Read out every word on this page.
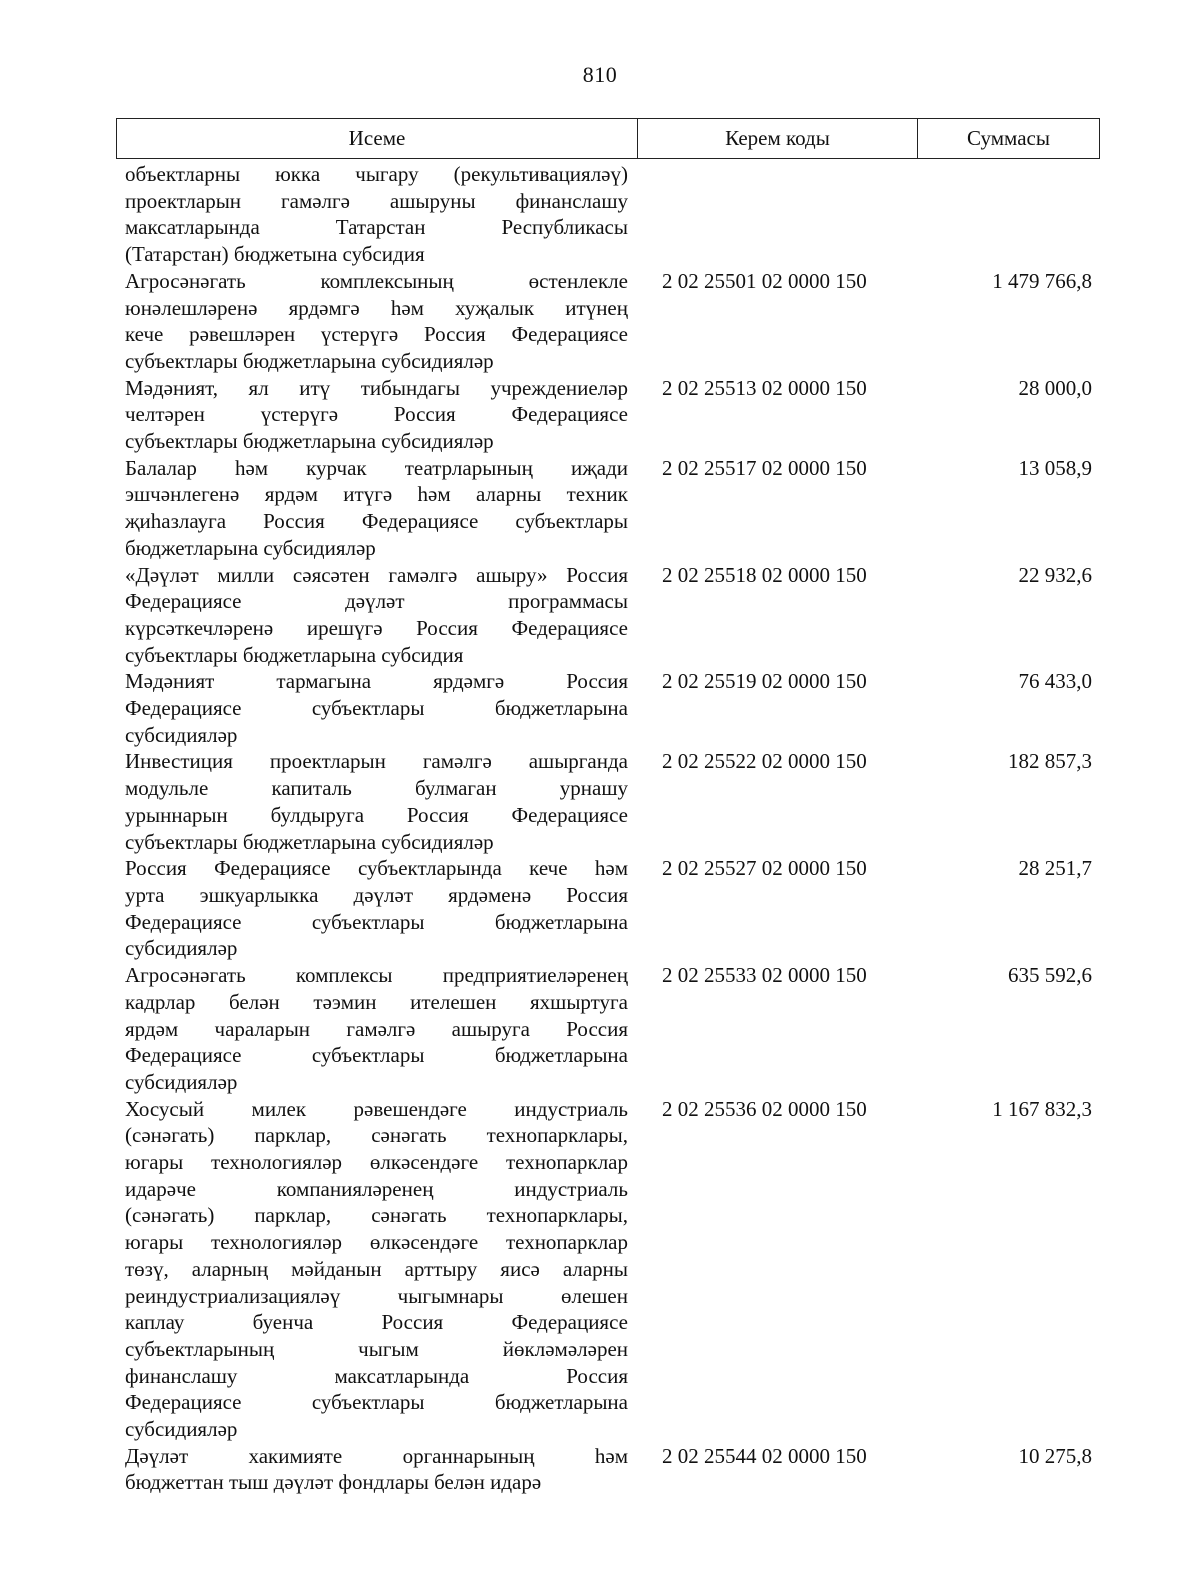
810
Исеме	Керем коды	Суммасы
объектларны юкка чыгару (рекультивацияләү)
проектларын гамәлгә ашыруны финанслашу
максатларында Татарстан Республикасы
(Татарстан) бюджетына субсидия
Агросәнәгать комплексының өстенлекле
юнәлешләренә ярдәмгә һәм хуҗалык итүнең
кече рәвешләрен үстерүгә Россия Федерациясе
субъектлары бюджетларына субсидияләр
2 02 25501 02 0000 150	1 479 766,8
Мәдәният, ял итү тибындагы учреждениеләр
челтәрен үстерүгә Россия Федерациясе
субъектлары бюджетларына субсидияләр
2 02 25513 02 0000 150	28 000,0
Балалар һәм курчак театрларының иҗади
эшчәнлегенә ярдәм итүгә һәм аларны техник
җиһазлауга Россия Федерациясе субъектлары
бюджетларына субсидияләр
2 02 25517 02 0000 150	13 058,9
«Дәүләт милли сәясәтен гамәлгә ашыру» Россия
Федерациясе дәүләт программасы
күрсәткечләренә ирешүгә Россия Федерациясе
субъектлары бюджетларына субсидия
2 02 25518 02 0000 150	22 932,6
Мәдәният тармагына ярдәмгә Россия
Федерациясе субъектлары бюджетларына
субсидияләр
2 02 25519 02 0000 150	76 433,0
Инвестиция проектларын гамәлгә ашырганда
модульле капиталь булмаган урнашу
урыннарын булдыруга Россия Федерациясе
субъектлары бюджетларына субсидияләр
2 02 25522 02 0000 150	182 857,3
Россия Федерациясе субъектларында кече һәм
урта эшкуарлыкка дәүләт ярдәменә Россия
Федерациясе субъектлары бюджетларына
субсидияләр
2 02 25527 02 0000 150	28 251,7
Агросәнәгать комплексы предприятиеләренең
кадрлар белән тәэмин ителешен яхшыртуга
ярдәм чараларын гамәлгә ашыруга Россия
Федерациясе субъектлары бюджетларына
субсидияләр
2 02 25533 02 0000 150	635 592,6
Хосусый милек рәвешендәге индустриаль
(сәнәгать) парклар, сәнәгать технопарклары,
югары технологияләр өлкәсендәге технопарклар
идарәче компанияләренең индустриаль
(сәнәгать) парклар, сәнәгать технопарклары,
югары технологияләр өлкәсендәге технопарклар
төзү, аларның мәйданын арттыру яисә аларны
реиндустриализацияләү чыгымнары өлешен
каплау буенча Россия Федерациясе
субъектларының чыгым йөкләмәләрен
финанслашу максатларында Россия
Федерациясе субъектлары бюджетларына
субсидияләр
2 02 25536 02 0000 150	1 167 832,3
Дәүләт хакимияте органнарының һәм
бюджеттан тыш дәүләт фондлары белән идарә
2 02 25544 02 0000 150	10 275,8
